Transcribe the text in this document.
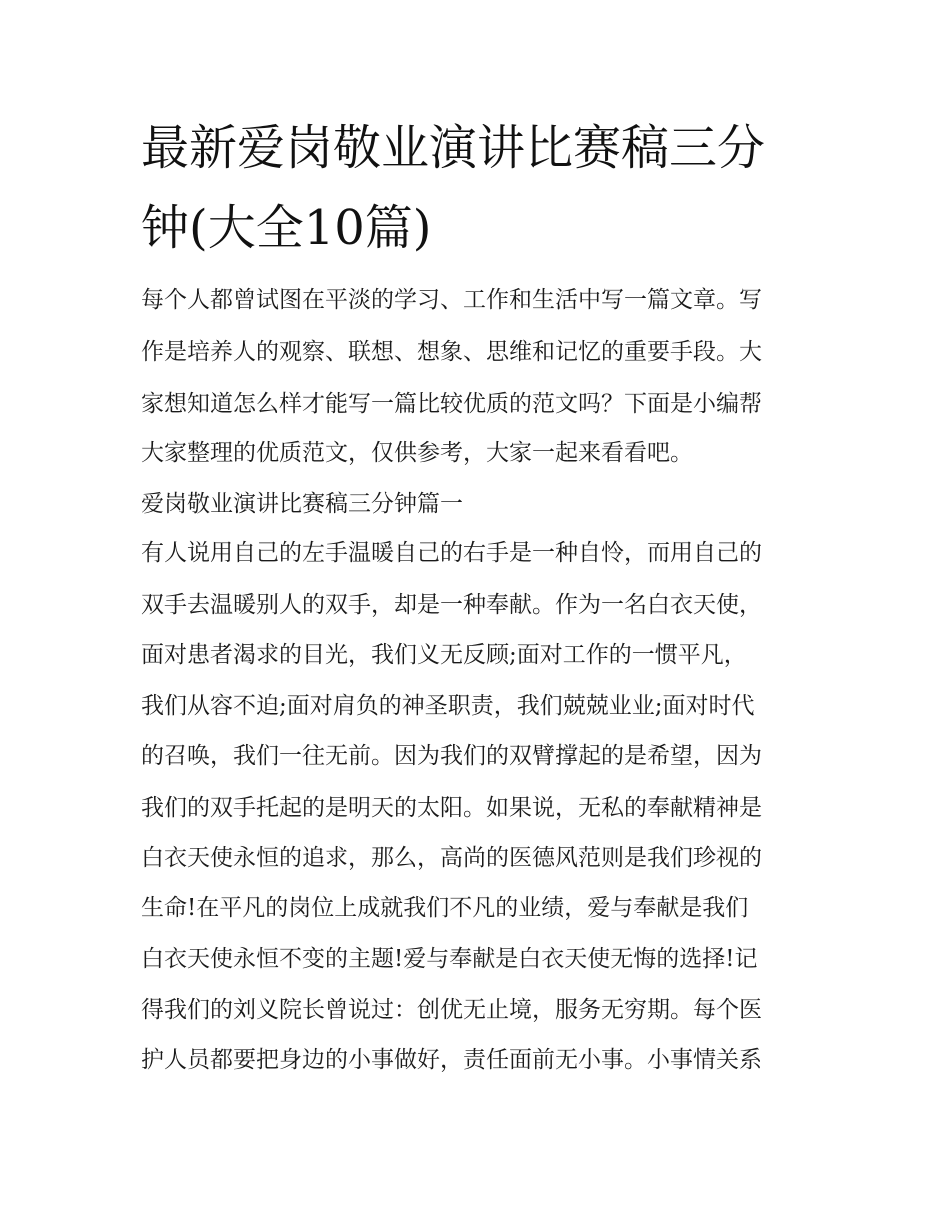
最新爱岗敬业演讲比赛稿三分
钟(大全10篇)
每个人都曾试图在平淡的学习、工作和生活中写一篇文章。写
作是培养人的观察、联想、想象、思维和记忆的重要手段。大
家想知道怎么样才能写一篇比较优质的范文吗？下面是小编帮
大家整理的优质范文，仅供参考，大家一起来看看吧。
爱岗敬业演讲比赛稿三分钟篇一
有人说用自己的左手温暖自己的右手是一种自怜，而用自己的
双手去温暖别人的双手，却是一种奉献。作为一名白衣天使，
面对患者渴求的目光，我们义无反顾;面对工作的一惯平凡，
我们从容不迫;面对肩负的神圣职责，我们兢兢业业;面对时代
的召唤，我们一往无前。因为我们的双臂撑起的是希望，因为
我们的双手托起的是明天的太阳。如果说，无私的奉献精神是
白衣天使永恒的追求，那么，高尚的医德风范则是我们珍视的
生命!在平凡的岗位上成就我们不凡的业绩，爱与奉献是我们
白衣天使永恒不变的主题!爱与奉献是白衣天使无悔的选择!记
得我们的刘义院长曾说过：创优无止境，服务无穷期。每个医
护人员都要把身边的小事做好，责任面前无小事。小事情关系
